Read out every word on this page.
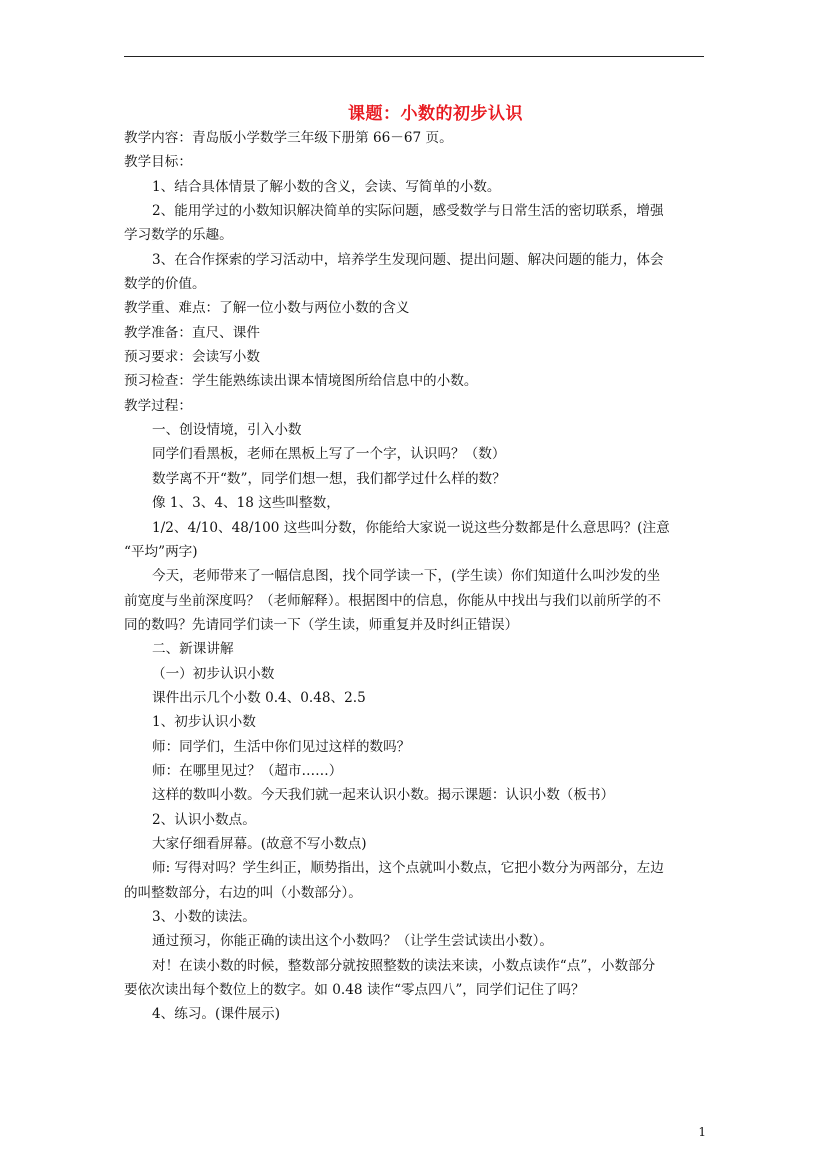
课题：小数的初步认识
教学内容：青岛版小学数学三年级下册第 66－67 页。
教学目标：
1、结合具体情景了解小数的含义，会读、写简单的小数。
2、能用学过的小数知识解决简单的实际问题，感受数学与日常生活的密切联系，增强
学习数学的乐趣。
3、在合作探索的学习活动中，培养学生发现问题、提出问题、解决问题的能力，体会
数学的价值。
教学重、难点：了解一位小数与两位小数的含义
教学准备：直尺、课件
预习要求：会读写小数
预习检查：学生能熟练读出课本情境图所给信息中的小数。
教学过程：
一、创设情境，引入小数
同学们看黑板，老师在黑板上写了一个字，认识吗？（数）
数学离不开“数”，同学们想一想，我们都学过什么样的数？
像 1、3、4、18 这些叫整数，
1/2、4/10、48/100 这些叫分数，你能给大家说一说这些分数都是什么意思吗？(注意
“平均”两字)
今天，老师带来了一幅信息图，找个同学读一下，(学生读）你们知道什么叫沙发的坐
前宽度与坐前深度吗？（老师解释）。根据图中的信息，你能从中找出与我们以前所学的不
同的数吗？先请同学们读一下（学生读，师重复并及时纠正错误）
二、新课讲解
（一）初步认识小数
课件出示几个小数 0.4、0.48、2.5
1、初步认识小数
师：同学们，生活中你们见过这样的数吗？
师：在哪里见过？（超市……）
这样的数叫小数。今天我们就一起来认识小数。揭示课题：认识小数（板书）
2、认识小数点。
大家仔细看屏幕。(故意不写小数点)
师: 写得对吗？学生纠正，顺势指出，这个点就叫小数点，它把小数分为两部分，左边
的叫整数部分，右边的叫（小数部分）。
3、小数的读法。
通过预习，你能正确的读出这个小数吗？（让学生尝试读出小数）。
对！在读小数的时候，整数部分就按照整数的读法来读，小数点读作“点”，小数部分
要依次读出每个数位上的数字。如 0.48 读作“零点四八”，同学们记住了吗？
4、练习。(课件展示)
1
